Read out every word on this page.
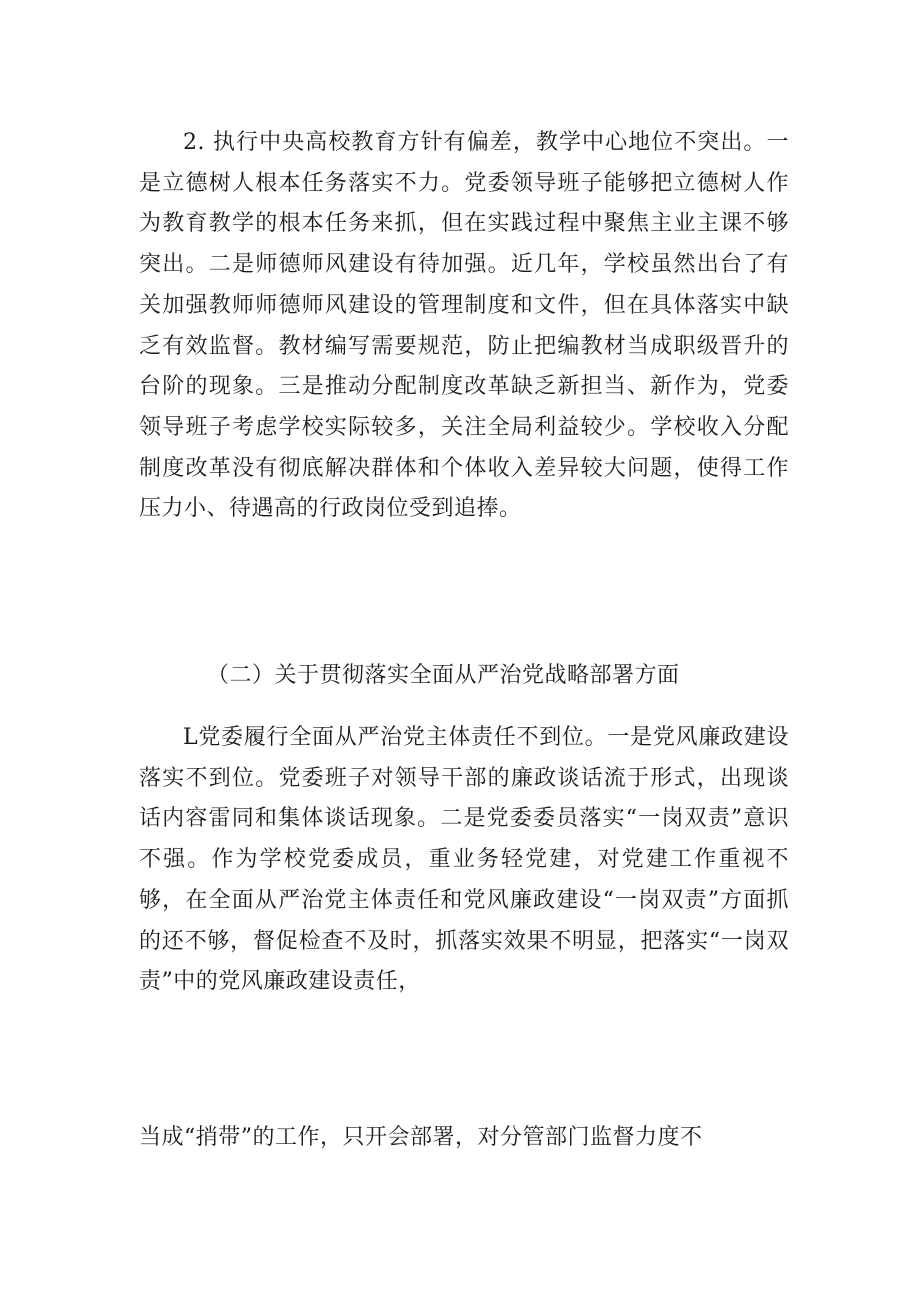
2. 执行中央高校教育方针有偏差，教学中心地位不突出。一是立德树人根本任务落实不力。党委领导班子能够把立德树人作为教育教学的根本任务来抓，但在实践过程中聚焦主业主课不够突出。二是师德师风建设有待加强。近几年，学校虽然出台了有关加强教师师德师风建设的管理制度和文件，但在具体落实中缺乏有效监督。教材编写需要规范，防止把编教材当成职级晋升的台阶的现象。三是推动分配制度改革缺乏新担当、新作为，党委领导班子考虑学校实际较多，关注全局利益较少。学校收入分配制度改革没有彻底解决群体和个体收入差异较大问题，使得工作压力小、待遇高的行政岗位受到追捧。

（二）关于贯彻落实全面从严治党战略部署方面

L党委履行全面从严治党主体责任不到位。一是党风廉政建设落实不到位。党委班子对领导干部的廉政谈话流于形式，出现谈话内容雷同和集体谈话现象。二是党委委员落实“一岗双责”意识不强。作为学校党委成员，重业务轻党建，对党建工作重视不够，在全面从严治党主体责任和党风廉政建设“一岗双责”方面抓的还不够，督促检查不及时，抓落实效果不明显，把落实“一岗双责”中的党风廉政建设责任，

当成“捎带”的工作，只开会部署，对分管部门监督力度不
